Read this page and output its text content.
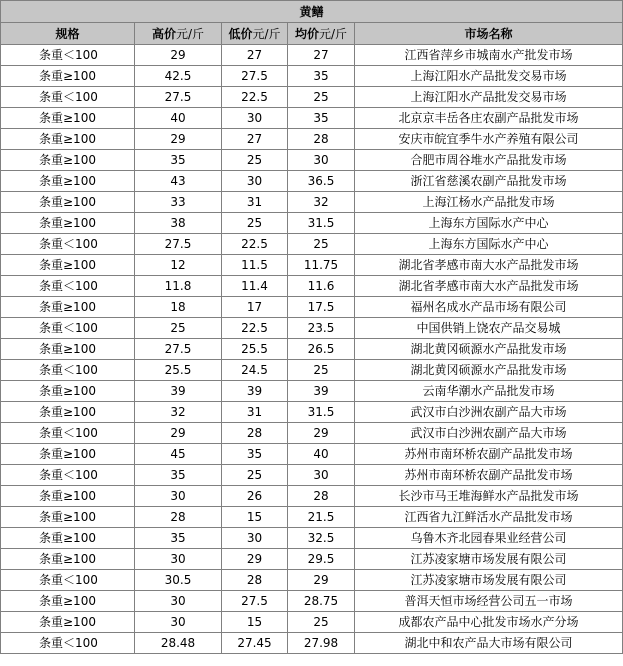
黄鳝				
规格	高价元/斤	低价元/斤	均价元/斤	市场名称
条重＜100	29	27	27	江西省萍乡市城南水产批发市场
条重≥100	42.5	27.5	35	上海江阳水产品批发交易市场
条重＜100	27.5	22.5	25	上海江阳水产品批发交易市场
条重≥100	40	30	35	北京京丰岳各庄农副产品批发市场
条重≥100	29	27	28	安庆市皖宜季牛水产养殖有限公司
条重≥100	35	25	30	合肥市周谷堆水产品批发市场
条重≥100	43	30	36.5	浙江省慈溪农副产品批发市场
条重≥100	33	31	32	上海江杨水产品批发市场
条重≥100	38	25	31.5	上海东方国际水产中心
条重＜100	27.5	22.5	25	上海东方国际水产中心
条重≥100	12	11.5	11.75	湖北省孝感市南大水产品批发市场
条重＜100	11.8	11.4	11.6	湖北省孝感市南大水产品批发市场
条重≥100	18	17	17.5	福州名成水产品市场有限公司
条重＜100	25	22.5	23.5	中国供销上饶农产品交易城
条重≥100	27.5	25.5	26.5	湖北黄冈硕源水产品批发市场
条重＜100	25.5	24.5	25	湖北黄冈硕源水产品批发市场
条重≥100	39	39	39	云南华潮水产品批发市场
条重≥100	32	31	31.5	武汉市白沙洲农副产品大市场
条重＜100	29	28	29	武汉市白沙洲农副产品大市场
条重≥100	45	35	40	苏州市南环桥农副产品批发市场
条重＜100	35	25	30	苏州市南环桥农副产品批发市场
条重≥100	30	26	28	长沙市马王堆海鲜水产品批发市场
条重≥100	28	15	21.5	江西省九江鲜活水产品批发市场
条重≥100	35	30	32.5	乌鲁木齐北园春果业经营公司
条重≥100	30	29	29.5	江苏凌家塘市场发展有限公司
条重＜100	30.5	28	29	江苏凌家塘市场发展有限公司
条重≥100	30	27.5	28.75	普洱天恒市场经营公司五一市场
条重≥100	30	15	25	成都农产品中心批发市场水产分场
条重＜100	28.48	27.45	27.98	湖北中和农产品大市场有限公司
